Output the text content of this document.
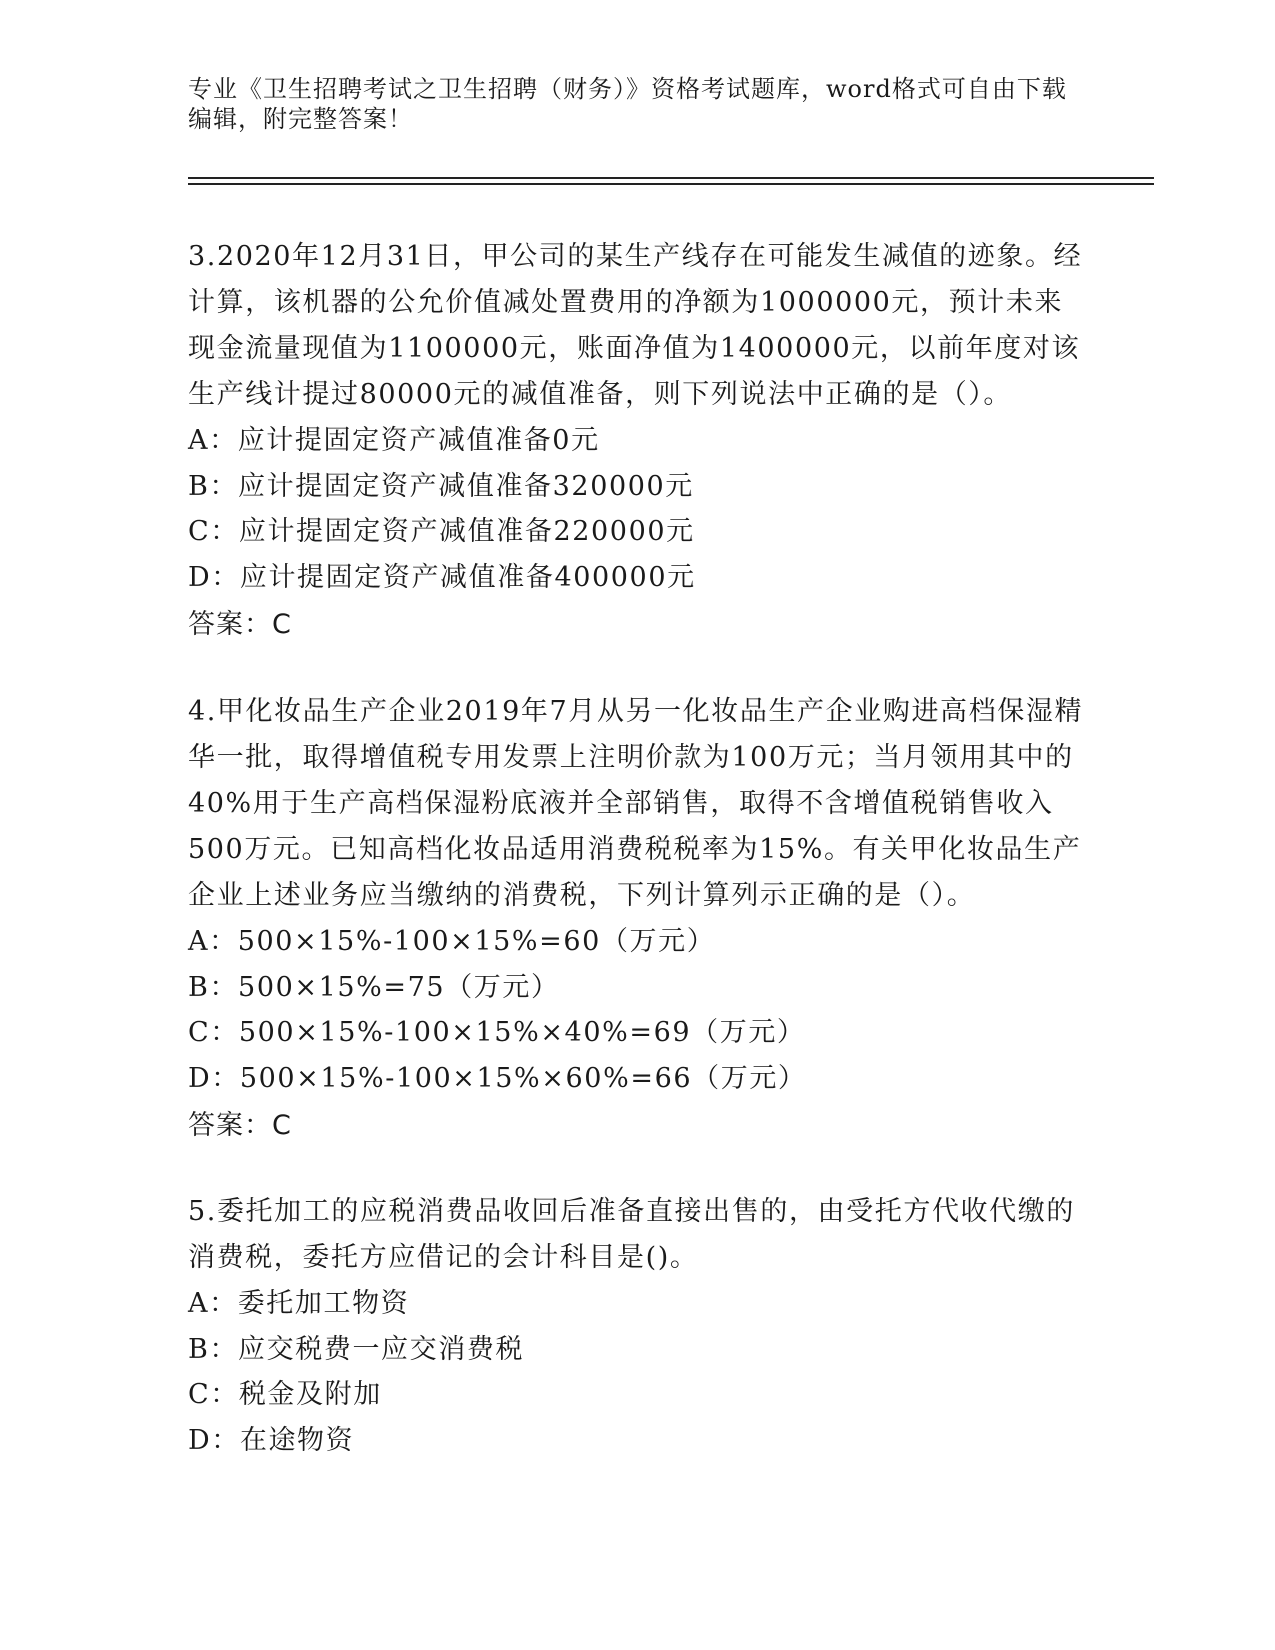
专业《卫生招聘考试之卫生招聘（财务）》资格考试题库，word格式可自由下载编辑，附完整答案！
3.2020年12月31日，甲公司的某生产线存在可能发生减值的迹象。经计算，该机器的公允价值减处置费用的净额为1000000元，预计未来现金流量现值为1100000元，账面净值为1400000元，以前年度对该生产线计提过80000元的减值准备，则下列说法中正确的是（）。
A：应计提固定资产减值准备0元
B：应计提固定资产减值准备320000元
C：应计提固定资产减值准备220000元
D：应计提固定资产减值准备400000元
答案：C
4.甲化妆品生产企业2019年7月从另一化妆品生产企业购进高档保湿精华一批，取得增值税专用发票上注明价款为100万元；当月领用其中的40%用于生产高档保湿粉底液并全部销售，取得不含增值税销售收入500万元。已知高档化妆品适用消费税税率为15%。有关甲化妆品生产企业上述业务应当缴纳的消费税，下列计算列示正确的是（）。
A：500×15%-100×15%=60（万元）
B：500×15%=75（万元）
C：500×15%-100×15%×40%=69（万元）
D：500×15%-100×15%×60%=66（万元）
答案：C
5.委托加工的应税消费品收回后准备直接出售的，由受托方代收代缴的消费税，委托方应借记的会计科目是()。
A：委托加工物资
B：应交税费一应交消费税
C：税金及附加
D：在途物资
